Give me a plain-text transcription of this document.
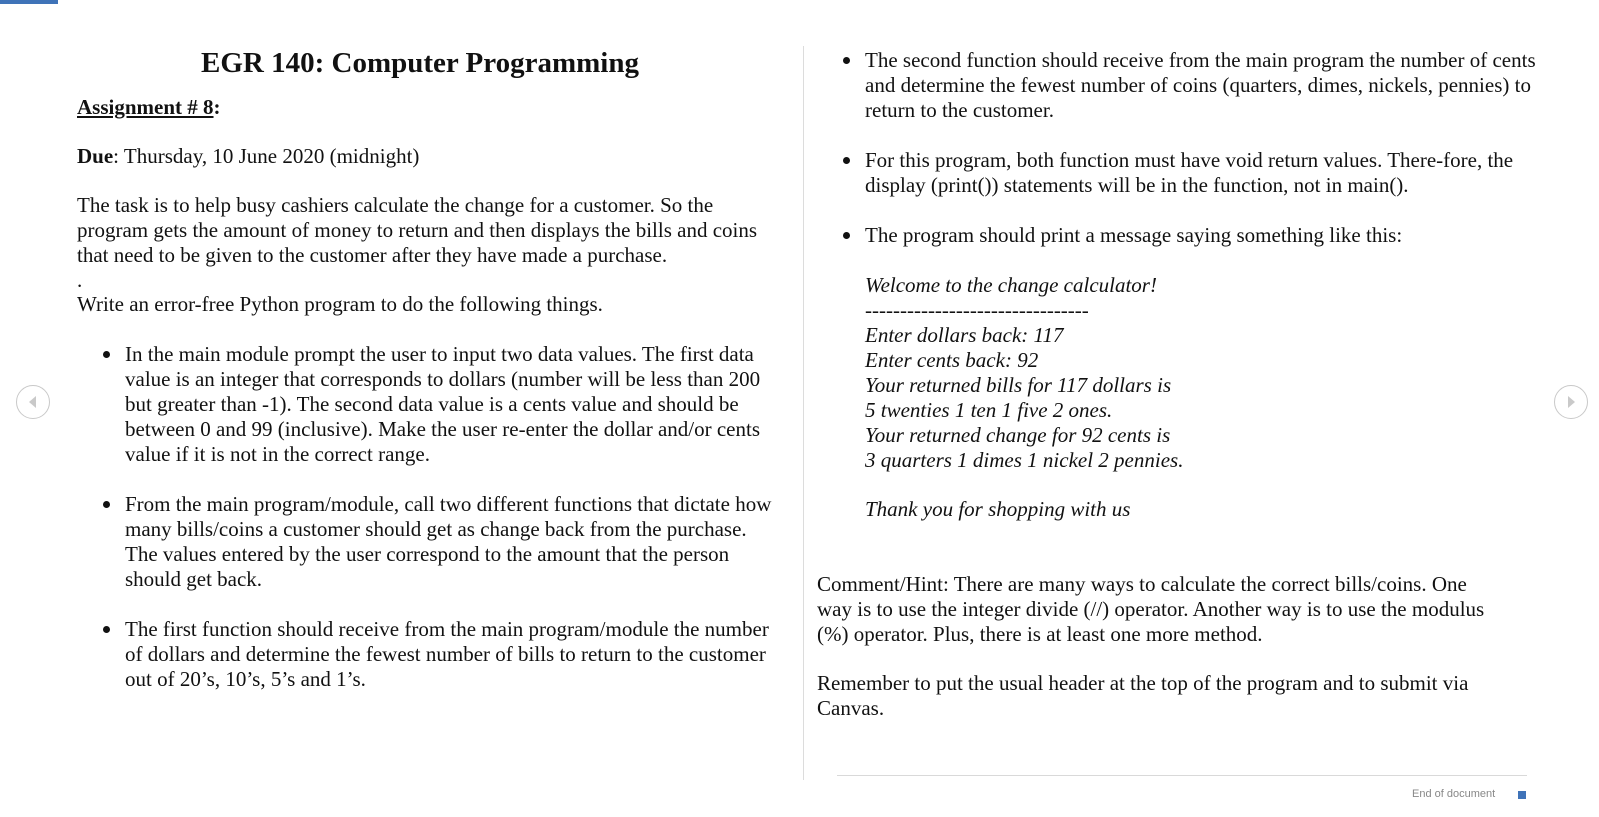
EGR 140: Computer Programming

Assignment # 8:

Due: Thursday, 10 June 2020 (midnight)

The task is to help busy cashiers calculate the change for a customer. So the program gets the amount of money to return and then displays the bills and coins that need to be given to the customer after they have made a purchase.

.

Write an error-free Python program to do the following things.

In the main module prompt the user to input two data values. The first data value is an integer that corresponds to dollars (number will be less than 200 but greater than -1). The second data value is a cents value and should be between 0 and 99 (inclusive). Make the user re-enter the dollar and/or cents value if it is not in the correct range.
From the main program/module, call two different functions that dictate how many bills/coins a customer should get as change back from the purchase. The values entered by the user correspond to the amount that the person should get back.
The first function should receive from the main program/module the number of dollars and determine the fewest number of bills to return to the customer out of 20’s, 10’s, 5’s and 1’s.
The second function should receive from the main program the number of cents and determine the fewest number of coins (quarters, dimes, nickels, pennies) to return to the customer.
For this program, both function must have void return values. There-fore, the display (print()) statements will be in the function, not in main().
The program should print a message saying something like this:

Welcome to the change calculator!

--------------------------------

Enter dollars back: 117

Enter cents back: 92

Your returned bills for 117 dollars is

5 twenties 1 ten 1 five 2 ones.

Your returned change for 92 cents is

3 quarters 1 dimes 1 nickel 2 pennies.

Thank you for shopping with us

Comment/Hint: There are many ways to calculate the correct bills/coins. One way is to use the integer divide (//) operator. Another way is to use the modulus (%) operator. Plus, there is at least one more method.

Remember to put the usual header at the top of the program and to submit via Canvas.

End of document
